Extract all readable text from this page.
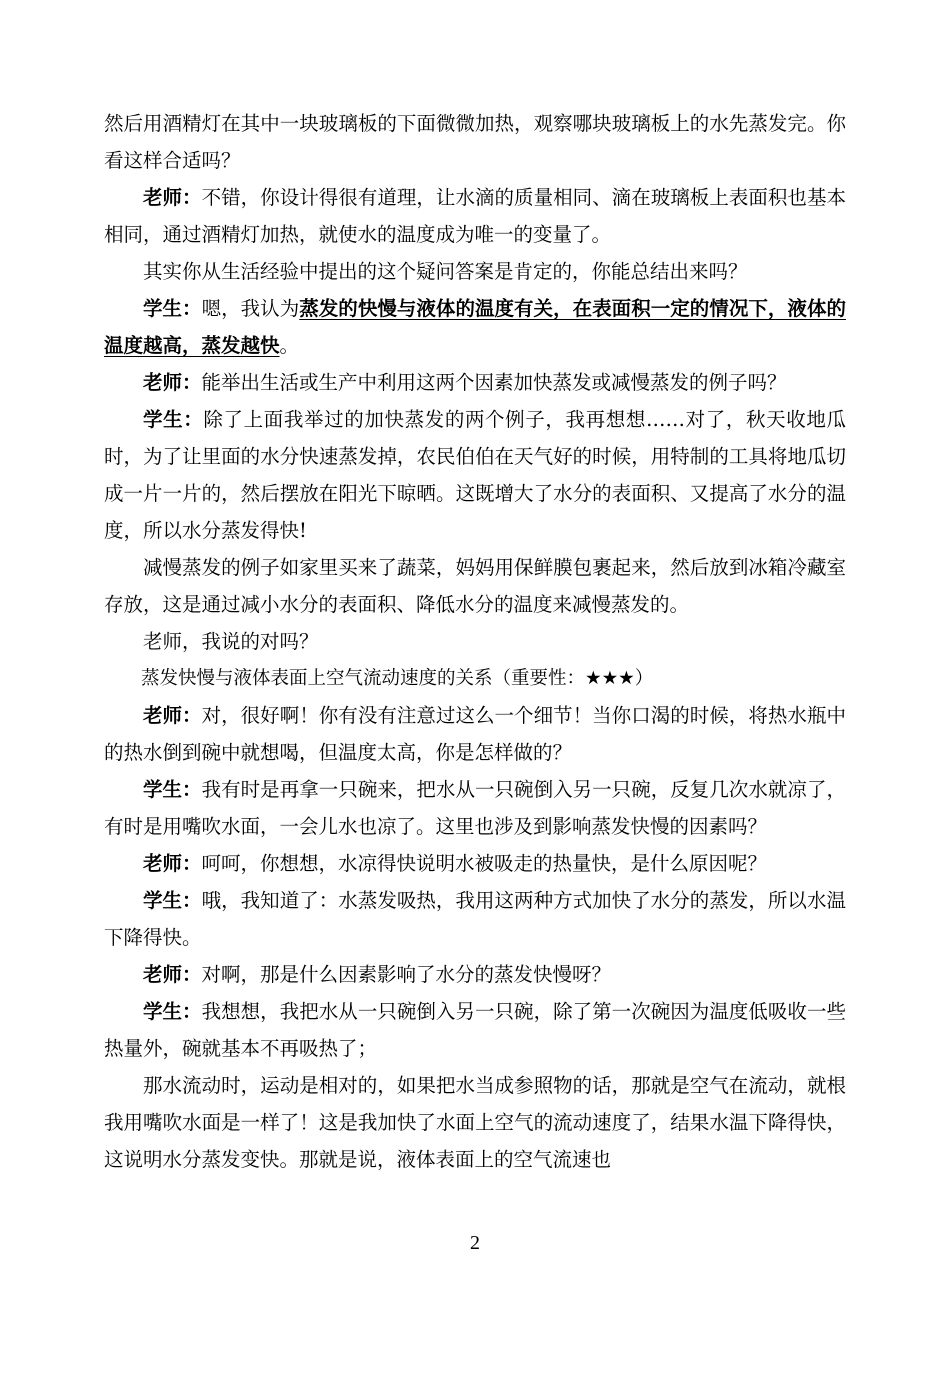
然后用酒精灯在其中一块玻璃板的下面微微加热，观察哪块玻璃板上的水先蒸发完。你看这样合适吗？

老师：不错，你设计得很有道理，让水滴的质量相同、滴在玻璃板上表面积也基本相同，通过酒精灯加热，就使水的温度成为唯一的变量了。

其实你从生活经验中提出的这个疑问答案是肯定的，你能总结出来吗？

学生：嗯，我认为蒸发的快慢与液体的温度有关，在表面积一定的情况下，液体的温度越高，蒸发越快。

老师：能举出生活或生产中利用这两个因素加快蒸发或减慢蒸发的例子吗？

学生：除了上面我举过的加快蒸发的两个例子，我再想想……对了，秋天收地瓜时，为了让里面的水分快速蒸发掉，农民伯伯在天气好的时候，用特制的工具将地瓜切成一片一片的，然后摆放在阳光下晾晒。这既增大了水分的表面积、又提高了水分的温度，所以水分蒸发得快!

减慢蒸发的例子如家里买来了蔬菜，妈妈用保鲜膜包裹起来，然后放到冰箱冷藏室存放，这是通过减小水分的表面积、降低水分的温度来减慢蒸发的。

老师，我说的对吗？

蒸发快慢与液体表面上空气流动速度的关系（重要性：★★★）

老师：对，很好啊！你有没有注意过这么一个细节！当你口渴的时候，将热水瓶中的热水倒到碗中就想喝，但温度太高，你是怎样做的？

学生：我有时是再拿一只碗来，把水从一只碗倒入另一只碗，反复几次水就凉了，有时是用嘴吹水面，一会儿水也凉了。这里也涉及到影响蒸发快慢的因素吗？

老师：呵呵，你想想，水凉得快说明水被吸走的热量快，是什么原因呢？

学生：哦，我知道了：水蒸发吸热，我用这两种方式加快了水分的蒸发，所以水温下降得快。

老师：对啊，那是什么因素影响了水分的蒸发快慢呀？

学生：我想想，我把水从一只碗倒入另一只碗，除了第一次碗因为温度低吸收一些热量外，碗就基本不再吸热了；

那水流动时，运动是相对的，如果把水当成参照物的话，那就是空气在流动，就根我用嘴吹水面是一样了！这是我加快了水面上空气的流动速度了，结果水温下降得快，这说明水分蒸发变快。那就是说，液体表面上的空气流速也

2
